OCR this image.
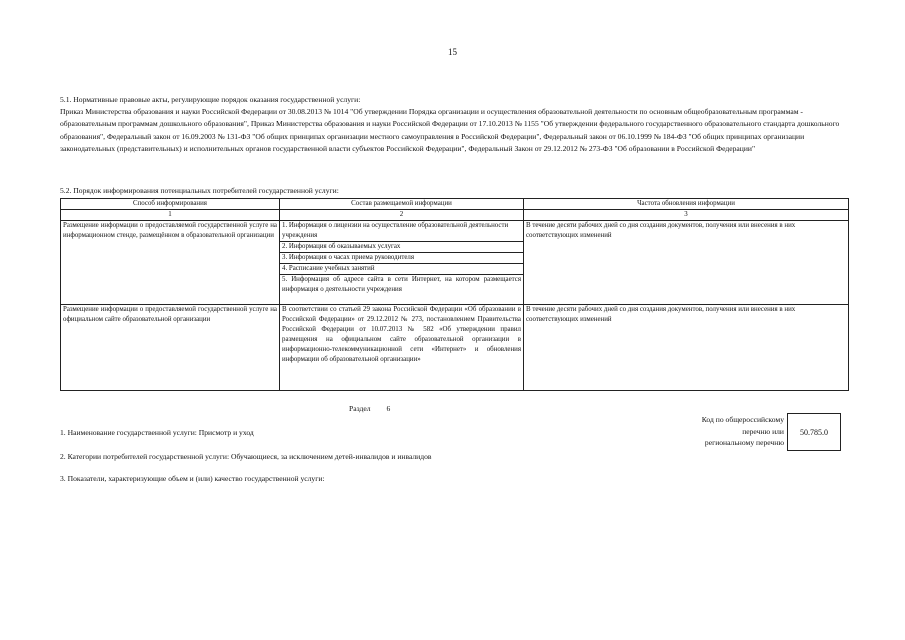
15

5.1. Нормативные правовые акты, регулирующие порядок оказания государственной услуги:

Приказ Министерства образования и науки Российской Федерации от 30.08.2013 № 1014 "Об утверждении Порядка организации и осуществления образовательной деятельности по основным общеобразовательным программам - образовательным программам дошкольного образования", Приказ Министерства образования и науки Российской Федерации от 17.10.2013 № 1155 "Об утверждении федерального государственного образовательного стандарта дошкольного образования", Федеральный закон от 16.09.2003 № 131-ФЗ "Об общих принципах организации местного самоуправления в Российской Федерации", Федеральный закон от 06.10.1999 № 184-ФЗ "Об общих принципах организации законодательных (представительных) и исполнительных органов государственной власти субъектов Российской Федерации", Федеральный Закон от 29.12.2012 № 273-ФЗ "Об образовании в Российской Федерации"

5.2. Порядок информирования потенциальных потребителей государственной услуги:
Способ информирования	Состав размещаемой информации	Частота обновления информации
1	2	3
Размещение информации о предоставляемой государственной услуге на информационном стенде, размещённом в образовательной организации	1. Информация о лицензии на осуществление образовательной деятельности учреждения
2. Информация об оказываемых услугах
3. Информация о часах приема руководителя
4. Расписание учебных занятий
5. Информация об адресе сайта в сети Интернет, на котором размещается информация о деятельности учреждения	В течение десяти рабочих дней со дня создания документов, получения или внесения в них соответствующих изменений
Размещение информации о предоставляемой государственной услуге на официальном сайте образовательной организации	В соответствии со статьей 29 закона Российской Федерации «Об образовании в Российской Федерации» от 29.12.2012 № 273, постановлением Правительства Российской Федерации от 10.07.2013 № 582 «Об утверждении правил размещения на официальном сайте образовательной организации в информационно-телекоммуникационной сети «Интернет» и обновления информации об образовательной организации»	В течение десяти рабочих дней со дня создания документов, получения или внесения в них соответствующих изменений
Раздел 6
Код по общероссийскому
перечню или
региональному перечню
50.785.0
1. Наименование государственной услуги: Присмотр и уход
2. Категории потребителей государственной услуги: Обучающиеся, за исключением детей-инвалидов и инвалидов
3. Показатели, характеризующие объем и (или) качество государственной услуги:
